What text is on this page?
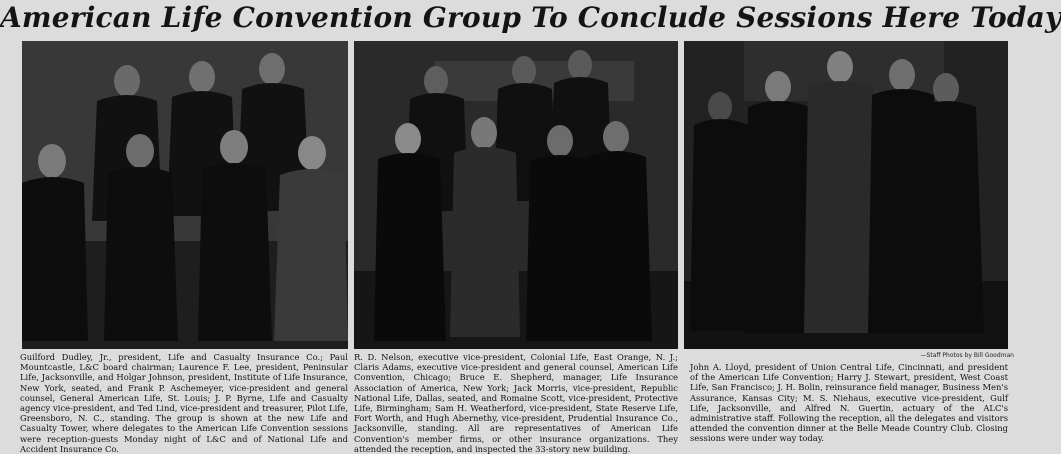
American Life Convention Group To Conclude Sessions Here Today
—Staff Photos by Bill Goodman
Guilford Dudley, Jr., president, Life and Casualty Insurance Co.; Paul Mountcastle, L&C board chairman; Laurence F. Lee, president, Peninsular Life, Jacksonville, and Holgar Johnson, president, Institute of Life Insurance, New York, seated, and Frank P. Aschemeyer, vice-president and general counsel, General American Life, St. Louis; J. P. Byrne, Life and Casualty agency vice-president, and Ted Lind, vice-president and treasurer, Pilot Life, Greensboro, N. C., standing. The group is shown at the new Life and Casualty Tower, where delegates to the American Life Convention sessions were reception-guests Monday night of L&C and of National Life and Accident Insurance Co.
R. D. Nelson, executive vice-president, Colonial Life, East Orange, N. J.; Claris Adams, executive vice-president and general counsel, American Life Convention, Chicago; Bruce E. Shepherd, manager, Life Insurance Association of America, New York; Jack Morris, vice-president, Republic National Life, Dallas, seated, and Romaine Scott, vice-president, Protective Life, Birmingham; Sam H. Weatherford, vice-president, State Reserve Life, Fort Worth, and Hugh Abernethy, vice-president, Prudential Insurance Co., Jacksonville, standing. All are representatives of American Life Convention's member firms, or other insurance organizations. They attended the reception, and inspected the 33-story new building.
John A. Lloyd, president of Union Central Life, Cincinnati, and president of the American Life Convention; Harry J. Stewart, president, West Coast Life, San Francisco; J. H. Bolin, reinsurance field manager, Business Men's Assurance, Kansas City; M. S. Niehaus, executive vice-president, Gulf Life, Jacksonville, and Alfred N. Guertin, actuary of the ALC's administrative staff. Following the reception, all the delegates and visitors attended the convention dinner at the Belle Meade Country Club. Closing sessions were under way today.
